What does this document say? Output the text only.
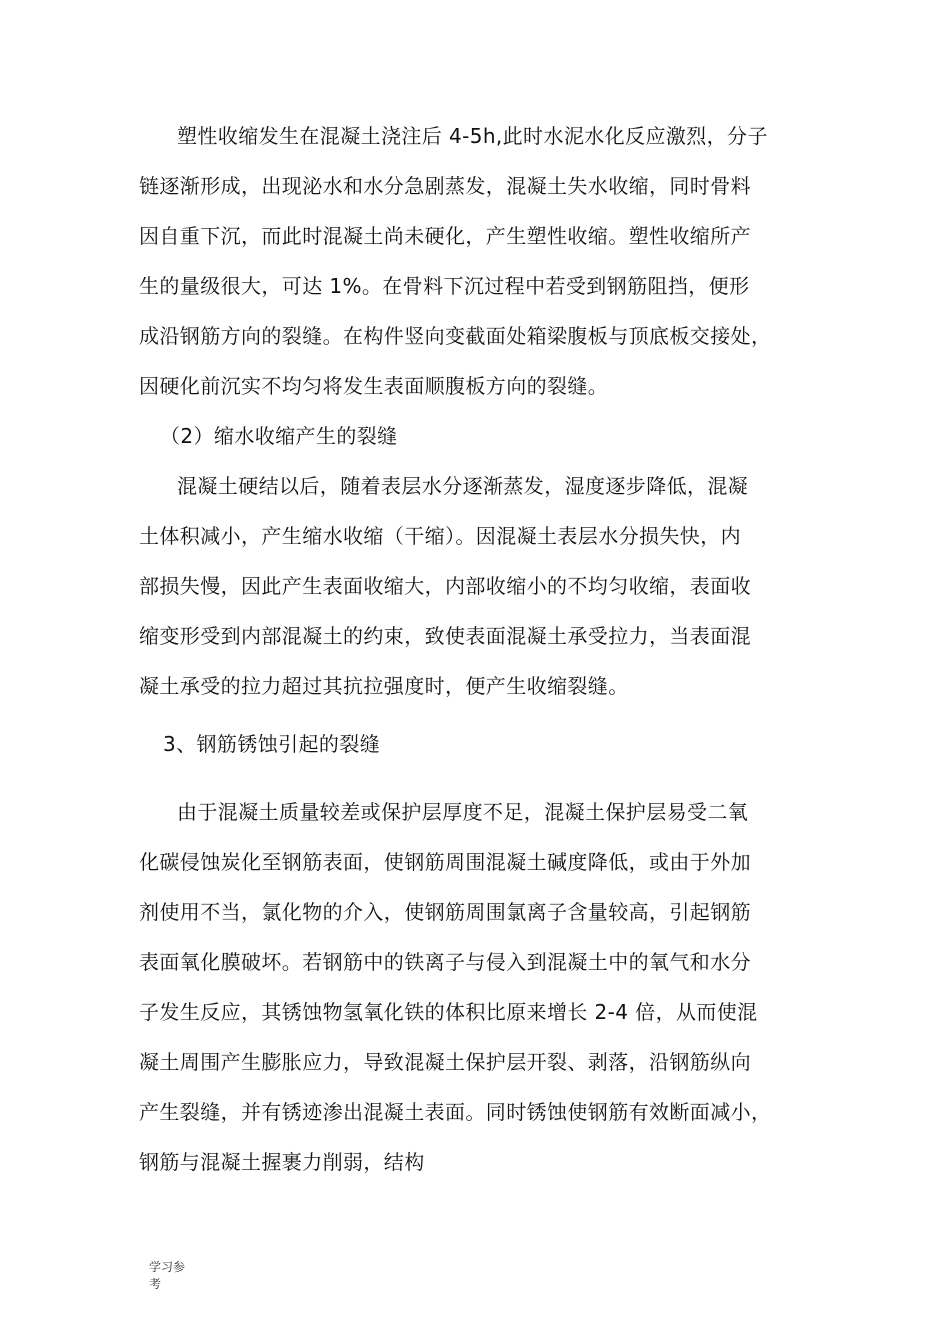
塑性收缩发生在混凝土浇注后 4-5h,此时水泥水化反应激烈，分子
链逐渐形成，出现泌水和水分急剧蒸发，混凝土失水收缩，同时骨料
因自重下沉，而此时混凝土尚未硬化，产生塑性收缩。塑性收缩所产
生的量级很大，可达 1%。在骨料下沉过程中若受到钢筋阻挡，便形
成沿钢筋方向的裂缝。在构件竖向变截面处箱梁腹板与顶底板交接处，
因硬化前沉实不均匀将发生表面顺腹板方向的裂缝。
（2）缩水收缩产生的裂缝
混凝土硬结以后，随着表层水分逐渐蒸发，湿度逐步降低，混凝
土体积减小，产生缩水收缩（干缩）。因混凝土表层水分损失快，内
部损失慢，因此产生表面收缩大，内部收缩小的不均匀收缩，表面收
缩变形受到内部混凝土的约束，致使表面混凝土承受拉力，当表面混
凝土承受的拉力超过其抗拉强度时，便产生收缩裂缝。
3、钢筋锈蚀引起的裂缝
由于混凝土质量较差或保护层厚度不足，混凝土保护层易受二氧
化碳侵蚀炭化至钢筋表面，使钢筋周围混凝土碱度降低，或由于外加
剂使用不当，氯化物的介入，使钢筋周围氯离子含量较高，引起钢筋
表面氧化膜破坏。若钢筋中的铁离子与侵入到混凝土中的氧气和水分
子发生反应，其锈蚀物氢氧化铁的体积比原来增长 2-4 倍，从而使混
凝土周围产生膨胀应力，导致混凝土保护层开裂、剥落，沿钢筋纵向
产生裂缝，并有锈迹渗出混凝土表面。同时锈蚀使钢筋有效断面减小，
钢筋与混凝土握裹力削弱，结构
学习参
考
